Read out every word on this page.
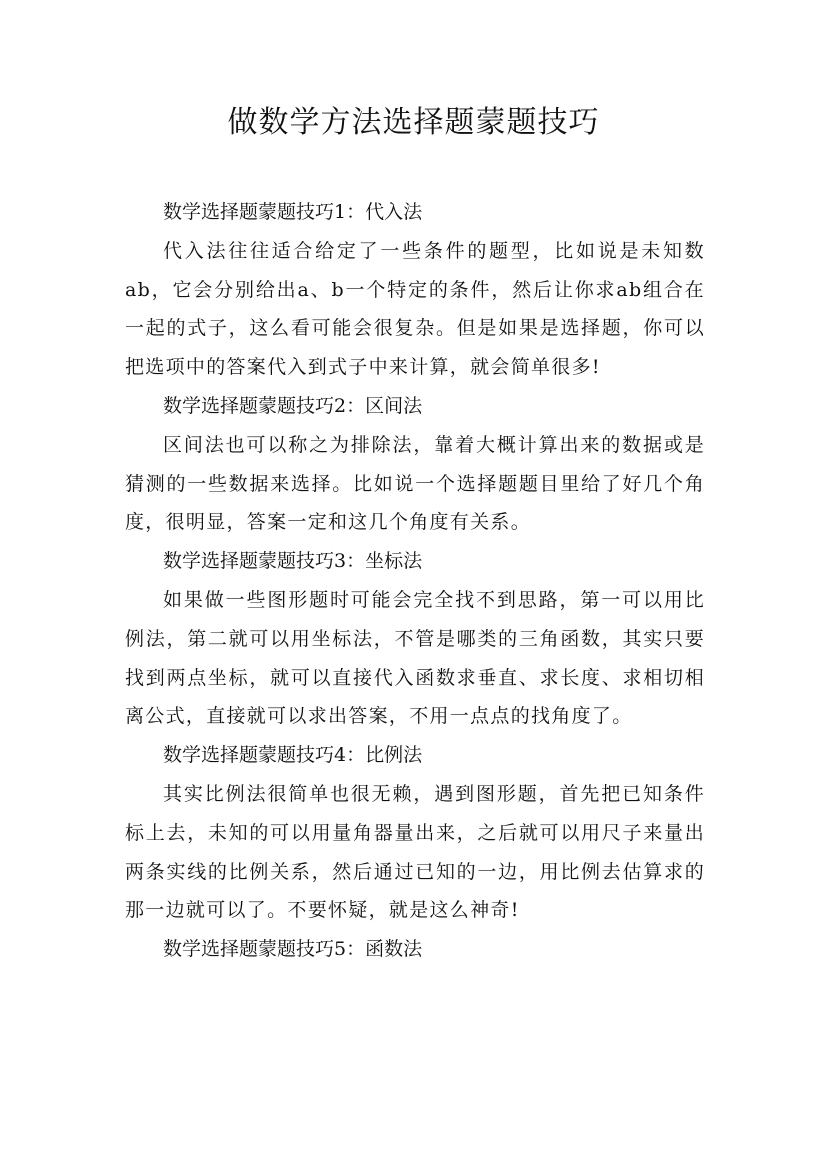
做数学方法选择题蒙题技巧
数学选择题蒙题技巧1：代入法
代入法往往适合给定了一些条件的题型，比如说是未知数ab，它会分别给出a、b一个特定的条件，然后让你求ab组合在一起的式子，这么看可能会很复杂。但是如果是选择题，你可以把选项中的答案代入到式子中来计算，就会简单很多!
数学选择题蒙题技巧2：区间法
区间法也可以称之为排除法，靠着大概计算出来的数据或是猜测的一些数据来选择。比如说一个选择题题目里给了好几个角度，很明显，答案一定和这几个角度有关系。
数学选择题蒙题技巧3：坐标法
如果做一些图形题时可能会完全找不到思路，第一可以用比例法，第二就可以用坐标法，不管是哪类的三角函数，其实只要找到两点坐标，就可以直接代入函数求垂直、求长度、求相切相离公式，直接就可以求出答案，不用一点点的找角度了。
数学选择题蒙题技巧4：比例法
其实比例法很简单也很无赖，遇到图形题，首先把已知条件标上去，未知的可以用量角器量出来，之后就可以用尺子来量出两条实线的比例关系，然后通过已知的一边，用比例去估算求的那一边就可以了。不要怀疑，就是这么神奇!
数学选择题蒙题技巧5：函数法
